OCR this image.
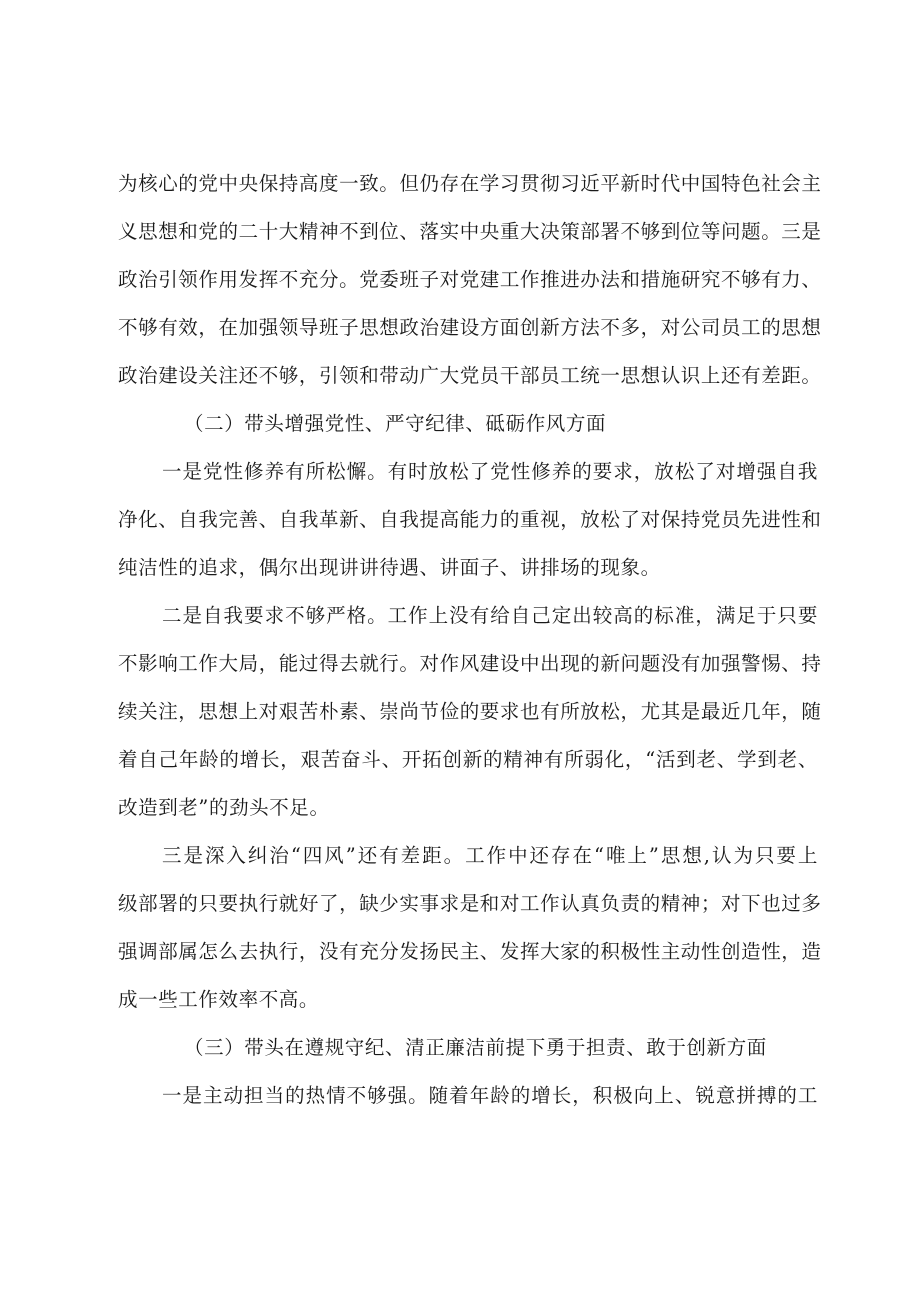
为核心的党中央保持高度一致。但仍存在学习贯彻习近平新时代中国特色社会主
义思想和党的二十大精神不到位、落实中央重大决策部署不够到位等问题。三是
政治引领作用发挥不充分。党委班子对党建工作推进办法和措施研究不够有力、
不够有效，在加强领导班子思想政治建设方面创新方法不多，对公司员工的思想
政治建设关注还不够，引领和带动广大党员干部员工统一思想认识上还有差距。
（二）带头增强党性、严守纪律、砥砺作风方面
一是党性修养有所松懈。有时放松了党性修养的要求，放松了对增强自我
净化、自我完善、自我革新、自我提高能力的重视，放松了对保持党员先进性和
纯洁性的追求，偶尔出现讲讲待遇、讲面子、讲排场的现象。
二是自我要求不够严格。工作上没有给自己定出较高的标准，满足于只要
不影响工作大局，能过得去就行。对作风建设中出现的新问题没有加强警惕、持
续关注，思想上对艰苦朴素、崇尚节俭的要求也有所放松，尤其是最近几年，随
着自己年龄的增长，艰苦奋斗、开拓创新的精神有所弱化，“活到老、学到老、
改造到老”的劲头不足。
三是深入纠治“四风”还有差距。工作中还存在“唯上”思想,认为只要上
级部署的只要执行就好了，缺少实事求是和对工作认真负责的精神；对下也过多
强调部属怎么去执行，没有充分发扬民主、发挥大家的积极性主动性创造性，造
成一些工作效率不高。
（三）带头在遵规守纪、清正廉洁前提下勇于担责、敢于创新方面
一是主动担当的热情不够强。随着年龄的增长，积极向上、锐意拼搏的工
